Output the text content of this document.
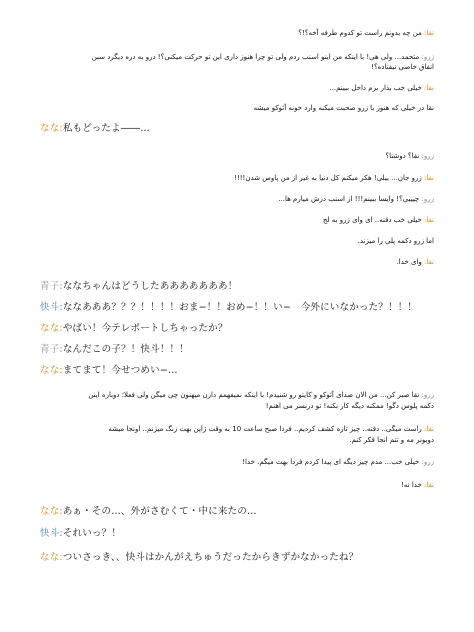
نقا: من چه بدونم راست تو کدوم طرفه آخه؟!؟
زرو: متحمد... ولی هی! با اینکه من اینو اسنب ردم ولی تو چرا هنوز داری این تو حرکت میکنی؟! درو به دره دیگرد سبن
اتفاق خاصی نیفتاده؟!
نقا: خیلی خب بذار برم داخل ببینم...
نقا در خیلی که هنوز با زرو صحبت میکنه وارد خونه آئوکو میشه
なな:私もどったよ――…
زرو: نقا؟ دوشتا؟
نقا: زرو جان... بیلی! هکر میکنم کل دنیا به غیر از من پاوس شدن!!!!
زرو: چیییی؟! وایسا ببینم!!! از اسنب درش میارم ها...
نقا: خیلی خب دقته.. ای وای زرو به لج
اما زرو دکمه پلی را میزند.
نقا: وای خدا.
青子:ななちゃんはどうしたあああああああ！
快斗:ななあああ？？？！！！！おま−！！おめ−！！い−　今外にいなかった？！！！
なな:やばい！今テレポートしちゃったか？
青子:なんだこの子？！快斗！！！
なな:まてまて！今せつめい−…
زرو: نقا صبر کن... من الان صدای آئوکو و کایتو رو شنیدم! با اینکه نمیفهمم دارن میهنون چی میگن ولی فعلا؛ دوباره اینن
دکمه پلوس دگو! ممکنه دیگه کار نکنه! تو درنسر می اهنم!
نقا: راست میگی.. دقته.. چیز تازه کشف کردیم.. فردا صبح ساعت 10 به وقت ژاپن بهت زنگ میزنم.. اونجا میشه
دوبونر مه و تتم انجا فکر کنم.
زرو: خیلی خب... مدم چیز دیگه ای پیدا کردم فردا بهت میگم. خدا!
نقا: خدا نه!
なな:あぁ・その…、外がさむくて・中に来たの…
快斗:それいっ？！
なな:ついさっき、、快斗はかんがえちゅうだったからきずかなかったね？
